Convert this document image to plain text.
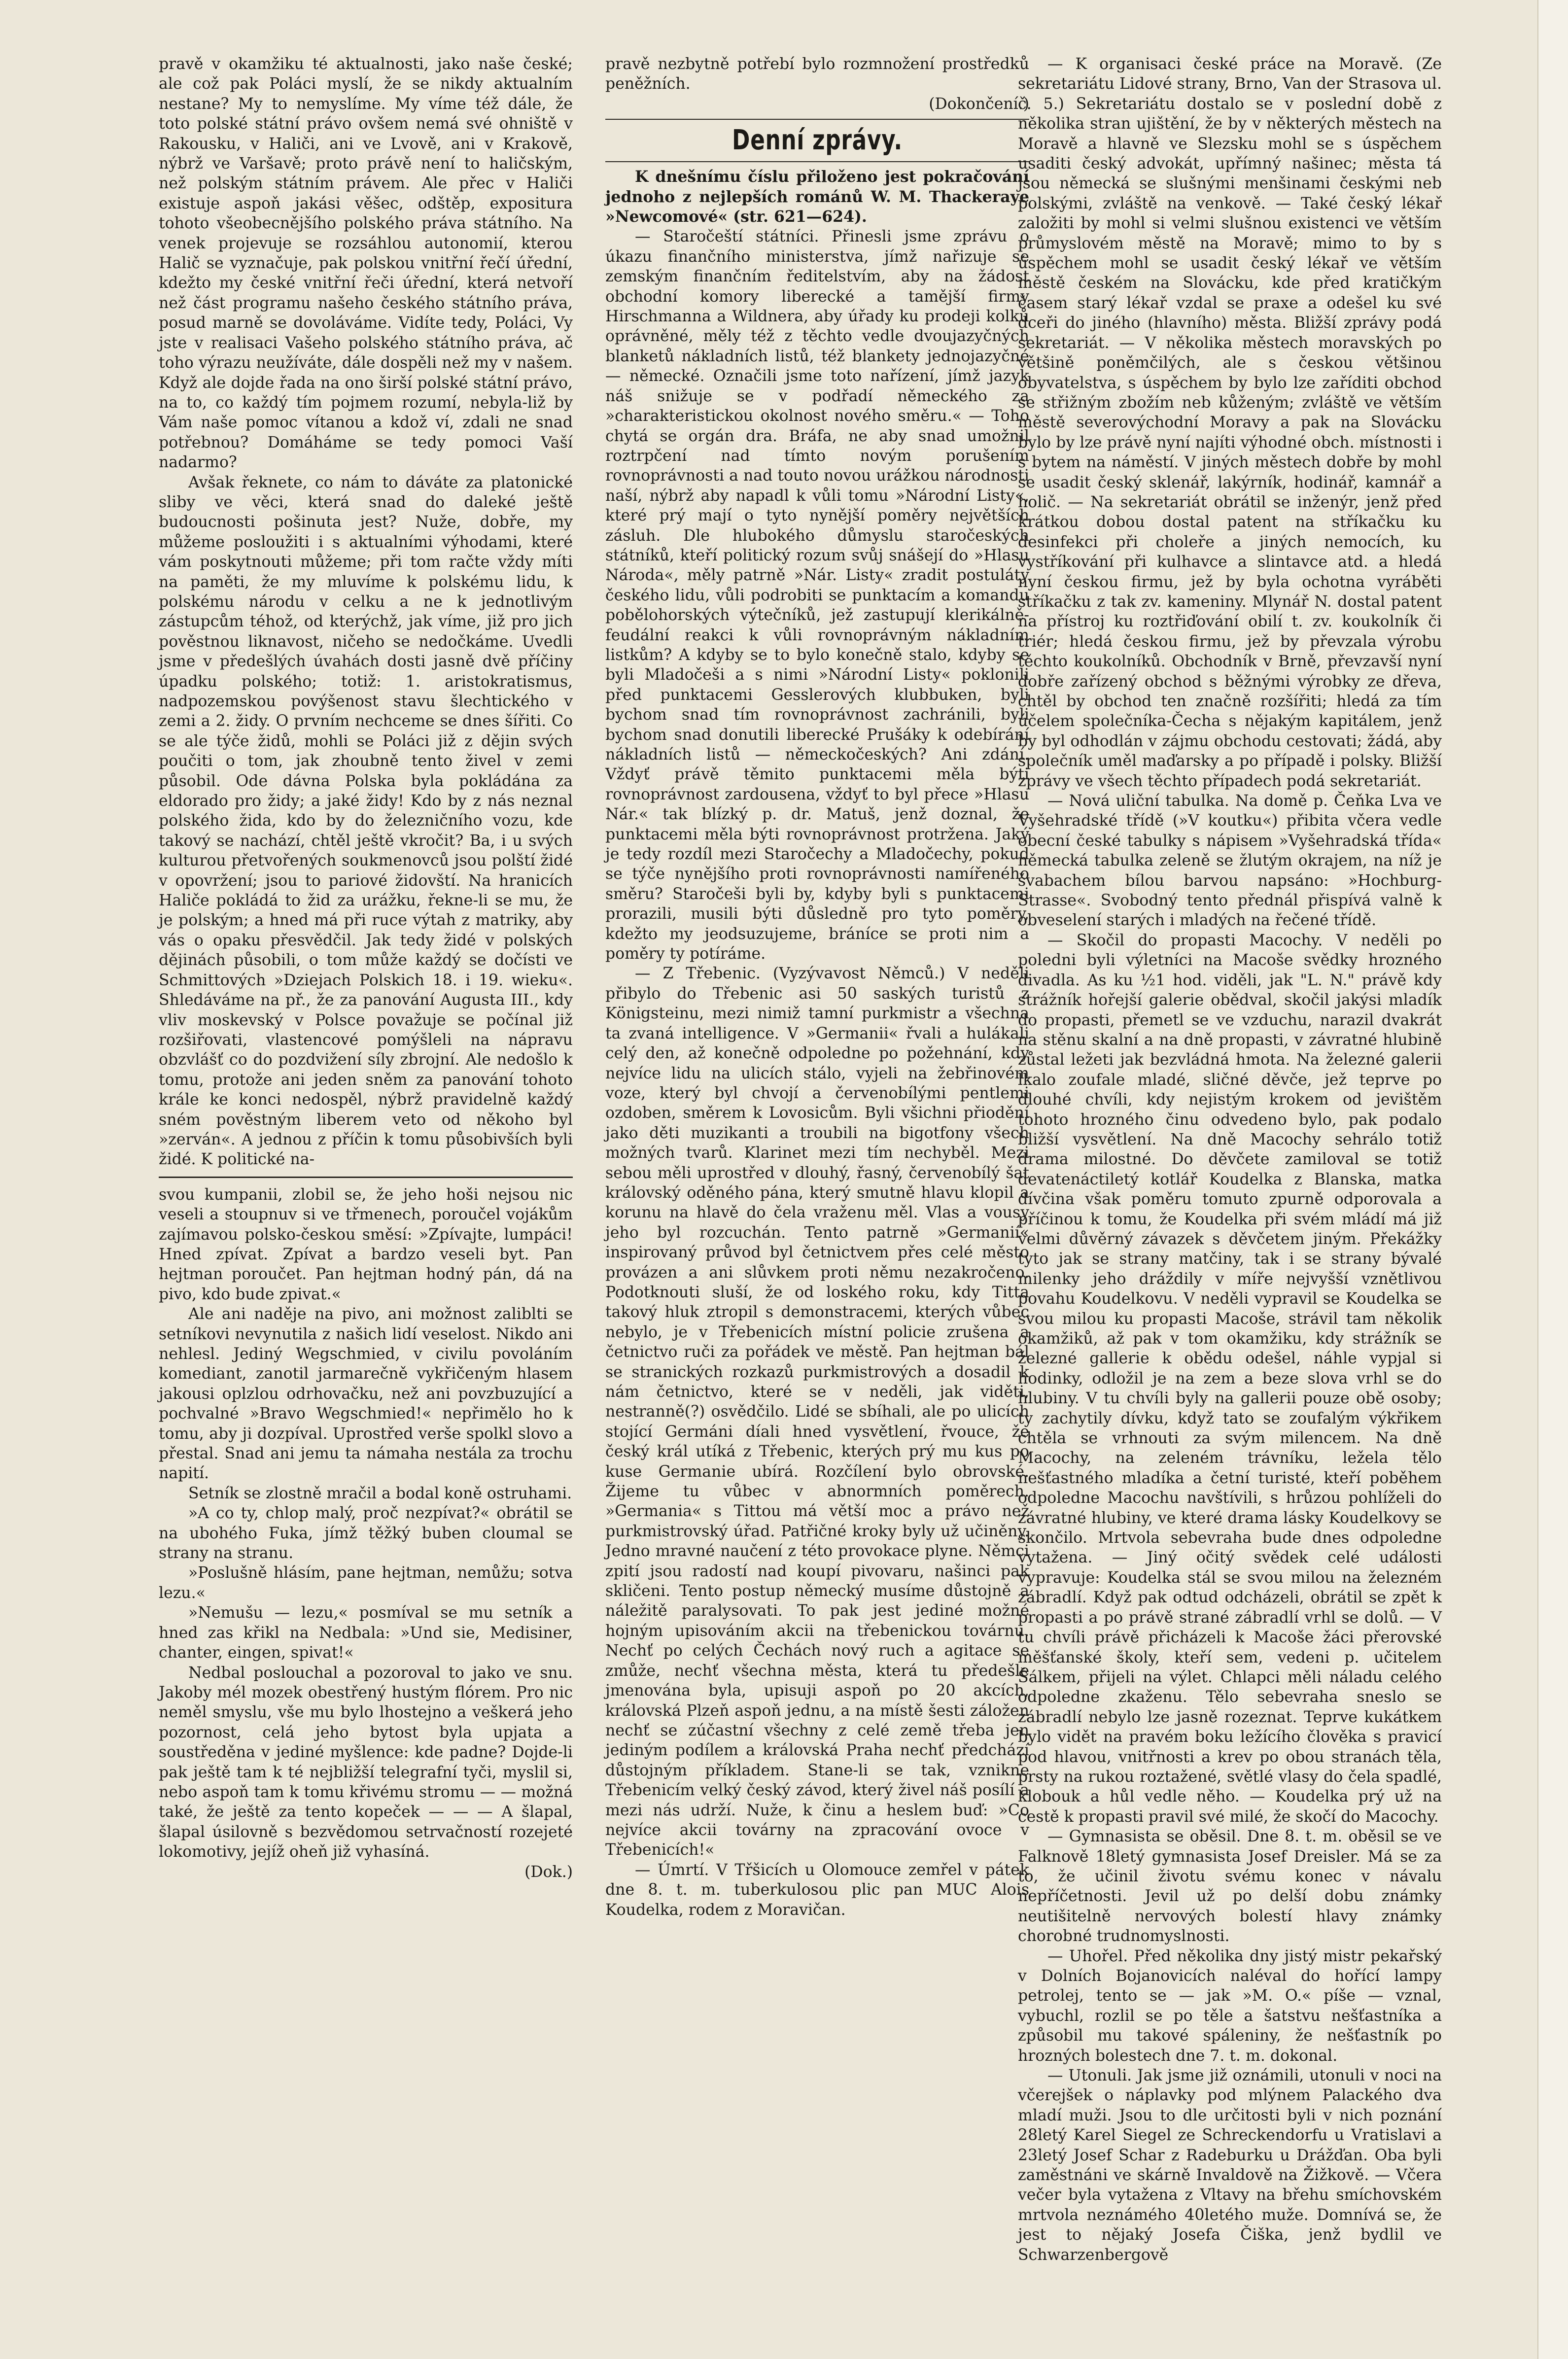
pravě v okamžiku té aktualnosti, jako naše české; ale což pak Poláci myslí, že se nikdy aktualním nestane? My to nemyslíme. My víme též dále, že toto polské státní právo ovšem nemá své ohniště v Rakousku, v Haliči, ani ve Lvově, ani v Krakově, nýbrž ve Varšavě; proto právě není to haličským, než polským státním právem. Ale přec v Haliči existuje aspoň jakási věšec, odštěp, expositura tohoto všeobecnějšího polského práva státního. Na venek projevuje se rozsáhlou autonomií, kterou Halič se vyznačuje, pak polskou vnitřní řečí úřední, kdežto my české vnitřní řeči úřední, která netvoří než část programu našeho českého státního práva, posud marně se dovoláváme. Vidíte tedy, Poláci, Vy jste v realisaci Vašeho polského státního práva, ač toho výrazu neužíváte, dále dospěli než my v našem. Když ale dojde řada na ono širší polské státní právo, na to, co každý tím pojmem rozumí, nebyla-liž by Vám naše pomoc vítanou a kdož ví, zdali ne snad potřebnou? Domáháme se tedy pomoci Vaší nadarmo?

Avšak řeknete, co nám to dáváte za platonické sliby ve věci, která snad do daleké ještě budoucnosti pošinuta jest? Nuže, dobře, my můžeme posloužiti i s aktualními výhodami, které vám poskytnouti můžeme; při tom račte vždy míti na paměti, že my mluvíme k polskému lidu, k polskému národu v celku a ne k jednotlivým zástupcům téhož, od kterýchž, jak víme, již pro jich pověstnou liknavost, ničeho se nedočkáme. Uvedli jsme v předešlých úvahách dosti jasně dvě příčiny úpadku polského; totiž: 1. aristokratismus, nadpozemskou povýšenost stavu šlechtického v zemi a 2. židy. O prvním nechceme se dnes šířiti. Co se ale týče židů, mohli se Poláci již z dějin svých poučiti o tom, jak zhoubně tento živel v zemi působil. Ode dávna Polska byla pokládána za eldorado pro židy; a jaké židy! Kdo by z nás neznal polského žida, kdo by do železničního vozu, kde takový se nachází, chtěl ještě vkročit? Ba, i u svých kulturou přetvořených soukmenovců jsou polští židé v opovržení; jsou to pariové židovští. Na hranicích Haliče pokládá to žid za urážku, řekne-li se mu, že je polským; a hned má při ruce výtah z matriky, aby vás o opaku přesvědčil. Jak tedy židé v polských dějinách působili, o tom může každý se dočísti ve Schmittových »Dziejach Polskich 18. i 19. wieku«. Shledáváme na př., že za panování Augusta III., kdy vliv moskevský v Polsce považuje se počínal již rozšiřovati, vlastencové pomýšleli na nápravu obzvlášť co do pozdvižení síly zbrojní. Ale nedošlo k tomu, protože ani jeden sněm za panování tohoto krále ke konci nedospěl, nýbrž pravidelně každý sném pověstným liberem veto od někoho byl »zerván«. A jednou z příčin k tomu působivších byli židé. K politické na-

svou kumpanii, zlobil se, že jeho hoši nejsou nic veseli a stoupnuv si ve třmenech, poroučel vojákům zajímavou polsko-českou směsí: »Zpívajte, lumpáci! Hned zpívat. Zpívat a bardzo veseli byt. Pan hejtman poroučet. Pan hejtman hodný pán, dá na pivo, kdo bude zpivat.«

Ale ani naděje na pivo, ani možnost zaliblti se setníkovi nevynutila z našich lidí veselost. Nikdo ani nehlesl. Jediný Wegschmied, v civilu povoláním komediant, zanotil jarmarečně vykřičeným hlasem jakousi oplzlou odrhovačku, než ani povzbuzující a pochvalné »Bravo Wegschmied!« nepřimělo ho k tomu, aby ji dozpíval. Uprostřed verše spolkl slovo a přestal. Snad ani jemu ta námaha nestála za trochu napití.

Setník se zlostně mračil a bodal koně ostruhami.

»A co ty, chlop malý, proč nezpívat?« obrátil se na ubohého Fuka, jímž těžký buben cloumal se strany na stranu.

»Poslušně hlásím, pane hejtman, nemůžu; sotva lezu.«

»Nemušu — lezu,« posmíval se mu setník a hned zas křikl na Nedbala: »Und sie, Medisiner, chanter, eingen, spivat!«

Nedbal poslouchal a pozoroval to jako ve snu. Jakoby mél mozek obestřený hustým flórem. Pro nic neměl smyslu, vše mu bylo lhostejno a veškerá jeho pozornost, celá jeho bytost byla upjata a soustředěna v jediné myšlence: kde padne? Dojde-li pak ještě tam k té nejbližší telegrafní tyči, myslil si, nebo aspoň tam k tomu křivému stromu — — možná také, že ještě za tento kopeček — — — A šlapal, šlapal úsilovně s bezvědomou setrvačností rozejeté lokomotivy, jejíž oheň již vyhasíná.

(Dok.)

pravě nezbytně potřebí bylo rozmnožení prostředků peněžních.

(Dokončení.)

Denní zprávy.

K dnešnímu číslu přiloženo jest pokračování jednoho z nejlepších románů W. M. Thackeraye »Newcomové« (str. 621—624).

— Staročeští státníci. Přinesli jsme zprávu o úkazu finančního ministerstva, jímž nařizuje se zemským finančním ředitelstvím, aby na žádost obchodní komory liberecké a tamější firmy Hirschmanna a Wildnera, aby úřady ku prodeji kolků oprávněné, měly též z těchto vedle dvoujazyčných blanketů nákladních listů, též blankety jednojazyčné — německé. Označili jsme toto nařízení, jímž jazyk náš snižuje se v podřadí německého za »charakteristickou okolnost nového směru.« — Toho chytá se orgán dra. Bráfa, ne aby snad umožnil roztrpčení nad tímto novým porušením rovnoprávnosti a nad touto novou urážkou národnosti naší, nýbrž aby napadl k vůli tomu »Národní Listy«, které prý mají o tyto nynější poměry největších zásluh. Dle hlubokého důmyslu staročeských státníků, kteří politický rozum svůj snášejí do »Hlasu Národa«, měly patrně »Nár. Listy« zradit postuláty českého lidu, vůli podrobiti se punktacím a komandu pobělohorských výtečníků, jež zastupují klerikálně-feudální reakci k vůli rovnoprávným nákladním listkům? A kdyby se to bylo konečně stalo, kdyby se byli Mladočeši a s nimi »Národní Listy« poklonili před punktacemi Gesslerových klubbuken, byli bychom snad tím rovnoprávnost zachránili, byli bychom snad donutili liberecké Prušáky k odebírání nákladních listů — německočeských? Ani zdání. Vždyť právě těmito punktacemi měla býti rovnoprávnost zardousena, vždyť to byl přece »Hlasu Nár.« tak blízký p. dr. Matuš, jenž doznal, že punktacemi měla býti rovnoprávnost protržena. Jaký je tedy rozdíl mezi Staročechy a Mladočechy, pokud se týče nynějšího proti rovnoprávnosti namířeného směru? Staročeši byli by, kdyby byli s punktacemi prorazili, musili býti důsledně pro tyto poměry, kdežto my jeodsuzujeme, bráníce se proti nim a poměry ty potíráme.

— Z Třebenic. (Vyzývavost Němců.) V neděli přibylo do Třebenic asi 50 saských turistů z Königsteinu, mezi nimiž tamní purkmistr a všechna ta zvaná intelligence. V »Germanii« řvali a hulákali celý den, až konečně odpoledne po požehnání, kdy nejvíce lidu na ulicích stálo, vyjeli na žebřinovém voze, který byl chvojí a červenobílými pentlemi ozdoben, směrem k Lovosicům. Byli všichni přiodění jako děti muzikanti a troubili na bigotfony všech možných tvarů. Klarinet mezi tím nechyběl. Mezi sebou měli uprostřed v dlouhý, řasný, červenobílý šat královský oděného pána, který smutně hlavu klopil a korunu na hlavě do čela vraženu měl. Vlas a vousy jeho byl rozcuchán. Tento patrně »Germanií« inspirovaný průvod byl četnictvem přes celé město provázen a ani slůvkem proti němu nezakročeno. Podotknouti sluší, že od loského roku, kdy Titta takový hluk ztropil s demonstracemi, kterých vůbec nebylo, je v Třebenicích místní policie zrušena a četnictvo ruči za pořádek ve městě. Pan hejtman bál se stranických rozkazů purkmistrových a dosadil k nám četnictvo, které se v neděli, jak viděti, nestranně(?) osvědčilo. Lidé se sbíhali, ale po ulicích stojící Germáni díali hned vysvětlení, řvouce, že český král utíká z Třebenic, kterých prý mu kus po kuse Germanie ubírá. Rozčílení bylo obrovské. Žijeme tu vůbec v abnormních poměrech. »Germania« s Tittou má větší moc a právo než purkmistrovský úřad. Patřičné kroky byly už učiněny. Jedno mravné naučení z této provokace plyne. Němci zpití jsou radostí nad koupí pivovaru, našinci pak skličeni. Tento postup německý musíme důstojně a náležitě paralysovati. To pak jest jediné možné hojným upisováním akcii na třebenickou továrnu. Nechť po celých Čechách nový ruch a agitace se zmůže, nechť všechna města, která tu předešle jmenována byla, upisuji aspoň po 20 akcích, královská Plzeň aspoň jednu, a na místě šesti záložen nechť se zúčastní všechny z celé země třeba jen jediným podílem a královská Praha nechť předchází důstojným příkladem. Stane-li se tak, vznikne Třebenicím velký český závod, který živel náš posílí a mezi nás udrží. Nuže, k činu a heslem buď: »Co nejvíce akcii továrny na zpracování ovoce v Třebenicích!«

— Úmrtí. V Třšicích u Olomouce zemřel v pátek dne 8. t. m. tuberkulosou plic pan MUC Alois Koudelka, rodem z Moravičan.

— K organisaci české práce na Moravě. (Ze sekretariátu Lidové strany, Brno, Van der Strasova ul. č. 5.) Sekretariátu dostalo se v poslední době z několika stran ujištění, že by v některých městech na Moravě a hlavně ve Slezsku mohl se s úspěchem usaditi český advokát, upřímný našinec; města tá jsou německá se slušnými menšinami českými neb polskými, zvláště na venkově. — Také český lékař založiti by mohl si velmi slušnou existenci ve větším průmyslovém městě na Moravě; mimo to by s úspěchem mohl se usadit český lékař ve větším městě českém na Slovácku, kde před kratičkým časem starý lékař vzdal se praxe a odešel ku své dceři do jiného (hlavního) města. Bližší zprávy podá sekretariát. — V několika městech moravských po většině poněmčilých, ale s českou většinou obyvatelstva, s úspěchem by bylo lze zaříditi obchod se střižným zbožím neb kůženým; zvláště ve větším městě severovýchodní Moravy a pak na Slovácku bylo by lze právě nyní najíti výhodné obch. místnosti i s bytem na náměstí. V jiných městech dobře by mohl se usadit český sklenář, lakýrník, hodinář, kamnář a holič. — Na sekretariát obrátil se inženýr, jenž před krátkou dobou dostal patent na stříkačku ku desinfekci při choleře a jiných nemocích, ku vystříkování při kulhavce a slintavce atd. a hledá nyní českou firmu, jež by byla ochotna vyráběti stříkačku z tak zv. kameniny. Mlynář N. dostal patent na přístroj ku roztřiďování obilí t. zv. koukolník či triér; hledá českou firmu, jež by převzala výrobu těchto koukolníků. Obchodník v Brně, převzavší nyní dobře zařízený obchod s běžnými výrobky ze dřeva, chtěl by obchod ten značně rozšířiti; hledá za tím účelem společníka-Čecha s nějakým kapitálem, jenž by byl odhodlán v zájmu obchodu cestovati; žádá, aby společník uměl maďarsky a po případě i polsky. Bližší zprávy ve všech těchto případech podá sekretariát.

— Nová uliční tabulka. Na domě p. Čeňka Lva ve Vyšehradské třídě (»V koutku«) přibita včera vedle obecní české tabulky s nápisem »Vyšehradská třída« německá tabulka zeleně se žlutým okrajem, na níž je švabachem bílou barvou napsáno: »Hochburg-Strasse«. Svobodný tento přednál přispívá valně k obveselení starých i mladých na řečené třídě.

— Skočil do propasti Macochy. V neděli po poledni byli výletníci na Macoše svědky hrozného divadla. As ku ½1 hod. viděli, jak "L. N." právě kdy strážník hořejší galerie obědval, skočil jakýsi mladík do propasti, přemetl se ve vzduchu, narazil dvakrát na stěnu skalní a na dně propasti, v závratné hlubině zůstal ležeti jak bezvládná hmota. Na železné galerii lkalo zoufale mladé, sličné děvče, jež teprve po dlouhé chvíli, kdy nejistým krokem od jevištěm tohoto hrozného činu odvedeno bylo, pak podalo bližší vysvětlení. Na dně Macochy sehrálo totiž drama milostné. Do děvčete zamiloval se totiž devatenáctiletý kotlář Koudelka z Blanska, matka dívčina však poměru tomuto zpurně odporovala a příčinou k tomu, že Koudelka při svém mládí má již velmi důvěrný závazek s děvčetem jiným. Překážky tyto jak se strany matčiny, tak i se strany bývalé milenky jeho dráždily v míře nejvyšší vznětlivou povahu Koudelkovu. V neděli vypravil se Koudelka se svou milou ku propasti Macoše, strávil tam několik okamžiků, až pak v tom okamžiku, kdy strážník se železné gallerie k obědu odešel, náhle vypjal si hodinky, odložil je na zem a beze slova vrhl se do hlubiny. V tu chvíli byly na gallerii pouze obě osoby; ty zachytily dívku, když tato se zoufalým výkřikem chtěla se vrhnouti za svým milencem. Na dně Macochy, na zeleném trávníku, ležela tělo nešťastného mladíka a četní turisté, kteří poběhem odpoledne Macochu navštívili, s hrůzou pohlíželi do závratné hlubiny, ve které drama lásky Koudelkovy se skončilo. Mrtvola sebevraha bude dnes odpoledne vytažena. — Jiný očitý svědek celé události vypravuje: Koudelka stál se svou milou na železném zábradlí. Když pak odtud odcházeli, obrátil se zpět k propasti a po právě strané zábradlí vrhl se dolů. — V tu chvíli právě přicházeli k Macoše žáci přerovské měšťanské školy, kteří sem, vedeni p. učitelem Šálkem, přijeli na výlet. Chlapci měli náladu celého odpoledne zkaženu. Tělo sebevraha sneslo se zábradlí nebylo lze jasně rozeznat. Teprve kukátkem bylo vidět na pravém boku ležícího člověka s pravicí pod hlavou, vnitřnosti a krev po obou stranách těla, prsty na rukou roztažené, světlé vlasy do čela spadlé, klobouk a hůl vedle něho. — Koudelka prý už na cestě k propasti pravil své milé, že skočí do Macochy.

— Gymnasista se oběsil. Dne 8. t. m. oběsil se ve Falknově 18letý gymnasista Josef Dreisler. Má se za to, že učinil životu svému konec v návalu nepříčetnosti. Jevil už po delší dobu známky neutišitelně nervových bolestí hlavy známky chorobné trudnomyslnosti.

— Uhořel. Před několika dny jistý mistr pekařský v Dolních Bojanovicích naléval do hořící lampy petrolej, tento se — jak »M. O.« píše — vznal, vybuchl, rozlil se po těle a šatstvu nešťastníka a způsobil mu takové spáleniny, že nešťastník po hrozných bolestech dne 7. t. m. dokonal.

— Utonuli. Jak jsme již oznámili, utonuli v noci na včerejšek o náplavky pod mlýnem Palackého dva mladí muži. Jsou to dle určitosti byli v nich poznání 28letý Karel Siegel ze Schreckendorfu u Vratislavi a 23letý Josef Schar z Radeburku u Drážďan. Oba byli zaměstnáni ve skárně Invaldově na Žižkově. — Včera večer byla vytažena z Vltavy na břehu smíchovském mrtvola neznámého 40letého muže. Domnívá se, že jest to nějaký Josefa Čiška, jenž bydlil ve Schwarzenbergově
